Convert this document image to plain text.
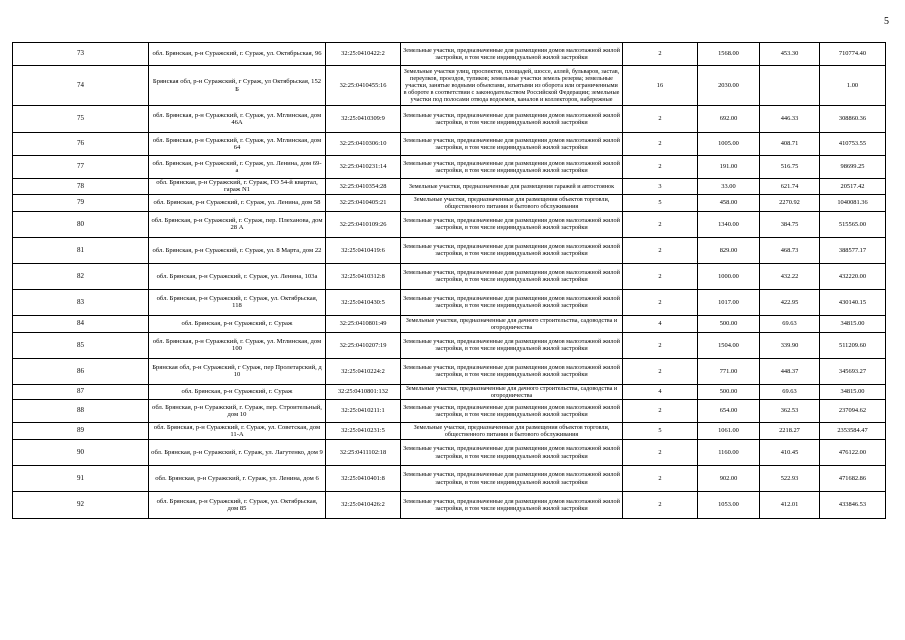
5
73	обл. Брянская, р-н Суражский, г. Сураж, ул. Октябрьская, 96	32:25:0410422:2	Земельные участки, предназначенные для размещения домов малоэтажной жилой застройки, в том числе индивидуальной жилой застройки	2	1568.00	453.30	710774.40
74	Брянская обл, р-н Суражский, г Сураж, ул Октябрьская, 152 Б	32:25:0410455:16	Земельные участки улиц, проспектов, площадей, шоссе, аллей, бульваров, застав, переулков, проездов, тупиков; земельные участки земель резерва; земельные участки, занятые водными объектами, изъятыми из оборота или ограниченными в обороте в соответствии с законодательством Российской Федерации; земельные участки под полосами отвода водоемов, каналов и коллекторов, набережные	16	2030.00		1.00
75	обл. Брянская, р-н Суражский, г. Сураж, ул. Мглинская, дом 46А	32:25:0410309:9	Земельные участки, предназначенные для размещения домов малоэтажной жилой застройки, в том числе индивидуальной жилой застройки	2	692.00	446.33	308860.36
76	обл. Брянская, р-н Суражский, г. Сураж, ул. Мглинская, дом 64	32:25:0410306:10	Земельные участки, предназначенные для размещения домов малоэтажной жилой застройки, в том числе индивидуальной жилой застройки	2	1005.00	408.71	410753.55
77	обл. Брянская, р-н Суражский, г. Сураж, ул. Ленина, дом 69-а	32:25:0410231:14	Земельные участки, предназначенные для размещения домов малоэтажной жилой застройки, в том числе индивидуальной жилой застройки	2	191.00	516.75	98699.25
78	обл. Брянская, р-н Суражский, г. Сураж, ГО 54-й квартал, гараж N1	32:25:0410354:28	Земельные участки, предназначенные для размещения гаражей и автостоянок	3	33.00	621.74	20517.42
79	обл. Брянская, р-н Суражский, г. Сураж, ул. Ленина, дом 58	32:25:0410405:21	Земельные участки, предназначенные для размещения объектов торговли, общественного питания и бытового обслуживания	5	458.00	2270.92	1040081.36
80	обл. Брянская, р-н Суражский, г. Сураж, пер. Плеханова, дом 28 А	32:25:0410109:26	Земельные участки, предназначенные для размещения домов малоэтажной жилой застройки, в том числе индивидуальной жилой застройки	2	1340.00	384.75	515565.00
81	обл. Брянская, р-н Суражский, г. Сураж, ул. 8 Марта, дом 22	32:25:0410419:6	Земельные участки, предназначенные для размещения домов малоэтажной жилой застройки, в том числе индивидуальной жилой застройки	2	829.00	468.73	388577.17
82	обл. Брянская, р-н Суражский, г. Сураж, ул. Ленина, 103а	32:25:0410312:8	Земельные участки, предназначенные для размещения домов малоэтажной жилой застройки, в том числе индивидуальной жилой застройки	2	1000.00	432.22	432220.00
83	обл. Брянская, р-н Суражский, г. Сураж, ул. Октябрьская, 118	32:25:0410430:5	Земельные участки, предназначенные для размещения домов малоэтажной жилой застройки, в том числе индивидуальной жилой застройки	2	1017.00	422.95	430140.15
84	обл. Брянская, р-н Суражский, г. Сураж	32:25:0410801:49	Земельные участки, предназначенные для дачного строительства, садоводства и огородничества	4	500.00	69.63	34815.00
85	обл. Брянская, р-н Суражский, г. Сураж, ул. Мглинская, дом 100	32:25:0410207:19	Земельные участки, предназначенные для размещения домов малоэтажной жилой застройки, в том числе индивидуальной жилой застройки	2	1504.00	339.90	511209.60
86	Брянская обл, р-н Суражский, г Сураж, пер Пролетарский, д 10	32:25:0410224:2	Земельные участки, предназначенные для размещения домов малоэтажной жилой застройки, в том числе индивидуальной жилой застройки	2	771.00	448.37	345693.27
87	обл. Брянская, р-н Суражский, г. Сураж	32:25:0410801:132	Земельные участки, предназначенные для дачного строительства, садоводства и огородничества	4	500.00	69.63	34815.00
88	обл. Брянская, р-н Суражский, г. Сураж, пер. Строительный, дом 10	32:25:0410211:1	Земельные участки, предназначенные для размещения домов малоэтажной жилой застройки, в том числе индивидуальной жилой застройки	2	654.00	362.53	237094.62
89	обл. Брянская, р-н Суражский, г. Сураж, ул. Советская, дом 11-А	32:25:0410231:5	Земельные участки, предназначенные для размещения объектов торговли, общественного питания и бытового обслуживания	5	1061.00	2218.27	2353584.47
90	обл. Брянская, р-н Суражский, г. Сураж, ул. Лагутенко, дом 9	32:25:0411102:18	Земельные участки, предназначенные для размещения домов малоэтажной жилой застройки, в том числе индивидуальной жилой застройки	2	1160.00	410.45	476122.00
91	обл. Брянская, р-н Суражский, г. Сураж, ул. Ленина, дом 6	32:25:0410401:8	Земельные участки, предназначенные для размещения домов малоэтажной жилой застройки, в том числе индивидуальной жилой застройки	2	902.00	522.93	471682.86
92	обл. Брянская, р-н Суражский, г. Сураж, ул. Октябрьская, дом 85	32:25:0410426:2	Земельные участки, предназначенные для размещения домов малоэтажной жилой застройки, в том числе индивидуальной жилой застройки	2	1053.00	412.01	433846.53
